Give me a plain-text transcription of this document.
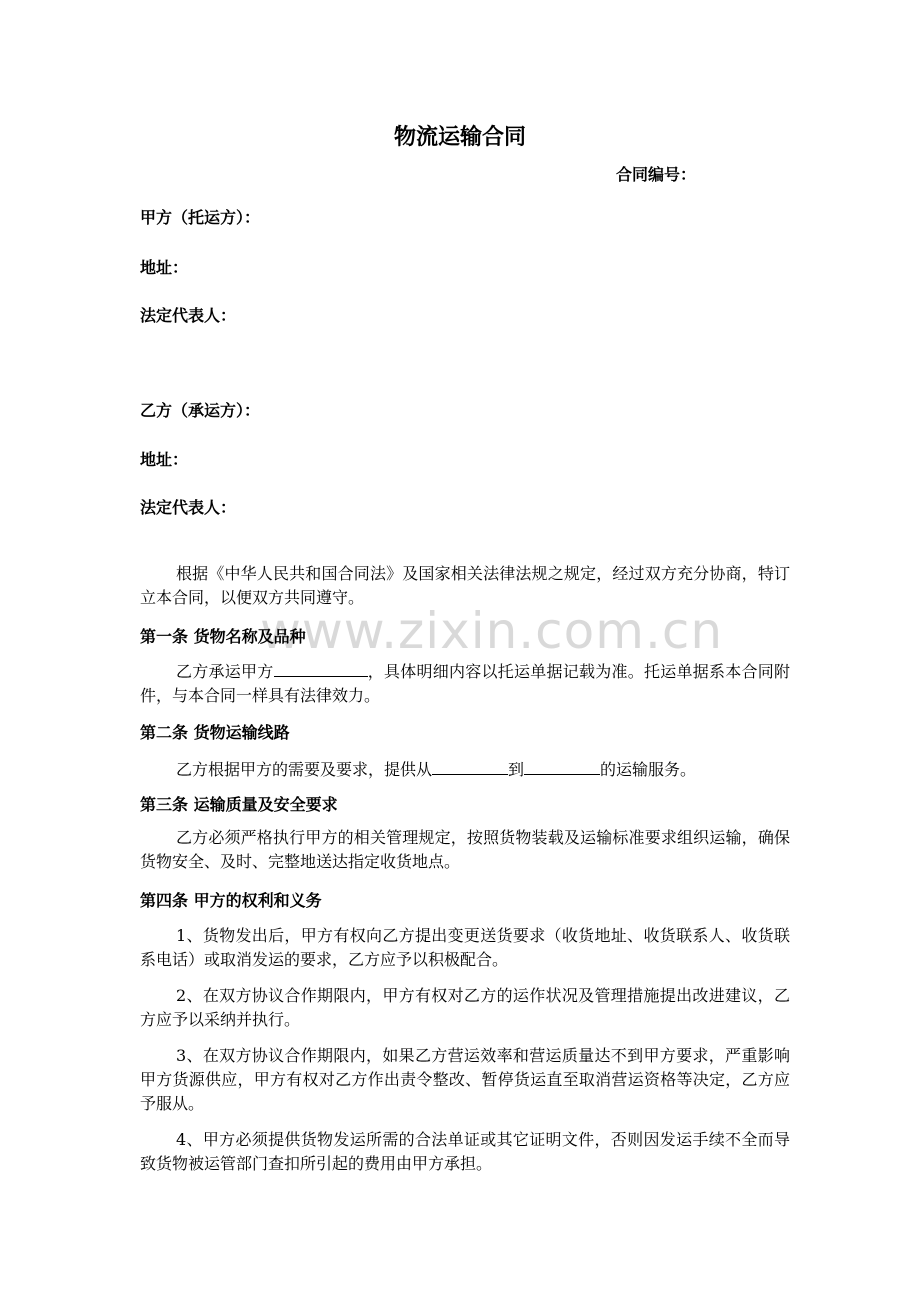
www.zixin.com.cn
物流运输合同
合同编号：
甲方（托运方）：
地址：
法定代表人：
乙方（承运方）：
地址：
法定代表人：
根据《中华人民共和国合同法》及国家相关法律法规之规定，经过双方充分协商，特订立本合同，以便双方共同遵守。
第一条 货物名称及品种
乙方承运甲方	，具体明细内容以托运单据记载为准。托运单据系本合同附件，与本合同一样具有法律效力。
第二条 货物运输线路
乙方根据甲方的需要及要求，提供从	到	的运输服务。
第三条 运输质量及安全要求
乙方必须严格执行甲方的相关管理规定，按照货物装载及运输标准要求组织运输，确保货物安全、及时、完整地送达指定收货地点。
第四条 甲方的权利和义务
1、货物发出后，甲方有权向乙方提出变更送货要求（收货地址、收货联系人、收货联系电话）或取消发运的要求，乙方应予以积极配合。
2、在双方协议合作期限内，甲方有权对乙方的运作状况及管理措施提出改进建议，乙方应予以采纳并执行。
3、在双方协议合作期限内，如果乙方营运效率和营运质量达不到甲方要求，严重影响甲方货源供应，甲方有权对乙方作出责令整改、暂停货运直至取消营运资格等决定，乙方应予服从。
4、甲方必须提供货物发运所需的合法单证或其它证明文件，否则因发运手续不全而导致货物被运管部门查扣所引起的费用由甲方承担。
